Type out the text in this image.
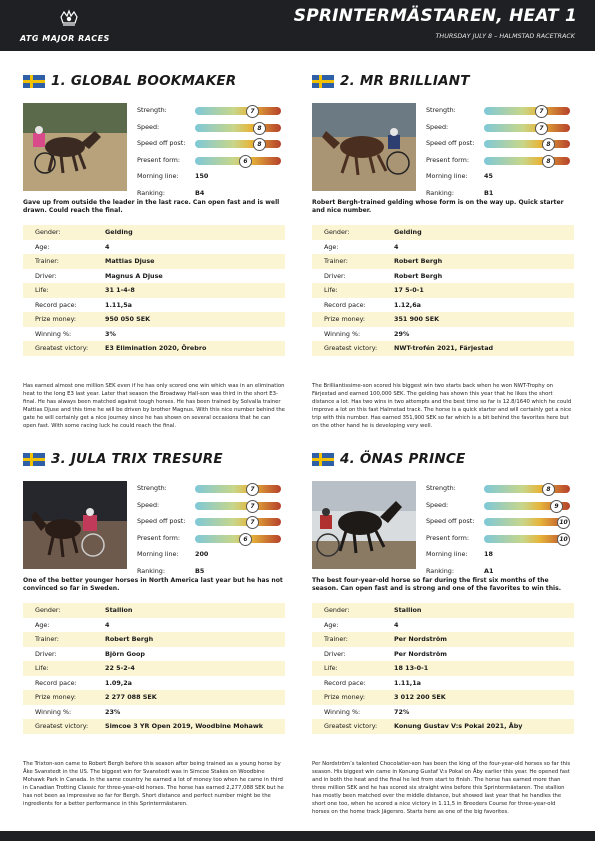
ATG MAJOR RACES
SPRINTERMÄSTAREN, HEAT 1
THURSDAY JULY 8 – HALMSTAD RACETRACK
1. GLOBAL BOOKMAKER
Strength:	7
Speed:	8
Speed off post:	8
Present form:	6
Morning line:	150
Ranking:	B4
Gave up from outside the leader in the last race. Can open fast and is well drawn. Could reach the final.
Gender:	Gelding
Age:	4
Trainer:	Mattias Djuse
Driver:	Magnus A Djuse
Life:	31 1-4-8
Record pace:	1.11,5a
Prize money:	950 050 SEK
Winning %:	3%
Greatest victory:	E3 Elimination 2020, Örebro
Has earned almost one million SEK even if he has only scored one win which was in an elimination heat to the long E3 last year. Later that season the Broadway Hall-son was third in the short E3-final. He has always been matched against tough horses. He has been trained by Solvalla trainer Mattias Djuse and this time he will be driven by brother Magnus. With this nice number behind the gate he will certainly get a nice journey since he has shown on several occasions that he can open fast. With some racing luck he could reach the final.
2. MR BRILLIANT
Strength:	7
Speed:	7
Speed off post:	8
Present form:	8
Morning line:	45
Ranking:	B1
Robert Bergh-trained gelding whose form is on the way up. Quick starter and nice number.
Gender:	Gelding
Age:	4
Trainer:	Robert Bergh
Driver:	Robert Bergh
Life:	17 5-0-1
Record pace:	1.12,6a
Prize money:	351 900 SEK
Winning %:	29%
Greatest victory:	NWT-trofén 2021, Färjestad
The Brilliantissime-son scored his biggest win two starts back when he won NWT-Trophy on Färjestad and earned 100,000 SEK. The gelding has shown this year that he likes the short distance a lot. Has two wins in two attempts and the best time so far is 12.8/1640 which he could improve a lot on this fast Halmstad track. The horse is a quick starter and will certainly get a nice trip with this number. Has earned 351,900 SEK so far which is a bit behind the favorites here but on the other hand he is developing very well.
3. JULA TRIX TRESURE
Strength:	7
Speed:	7
Speed off post:	7
Present form:	6
Morning line:	200
Ranking:	B5
One of the better younger horses in North America last year but he has not convinced so far in Sweden.
Gender:	Stallion
Age:	4
Trainer:	Robert Bergh
Driver:	Björn Goop
Life:	22 5-2-4
Record pace:	1.09,2a
Prize money:	2 277 088 SEK
Winning %:	23%
Greatest victory:	Simcoe 3 YR Open 2019, Woodbine Mohawk
The Trixton-son came to Robert Bergh before this season after being trained as a young horse by Åke Svanstedt in the US. The biggest win for Svanstedt was in Simcoe Stakes on Woodbine Mohawk Park in Canada. In the same country he earned a lot of money too when he came in third in Canadian Trotting Classic for three-year-old horses. The horse has earned 2,277,088 SEK but he has not been as impressive so far for Bergh. Short distance and perfect number might be the ingredients for a better performance in this Sprintermästaren.
4. ÖNAS PRINCE
Strength:	8
Speed:	9
Speed off post:	10
Present form:	10
Morning line:	18
Ranking:	A1
The best four-year-old horse so far during the first six months of the season. Can open fast and is strong and one of the favorites to win this.
Gender:	Stallion
Age:	4
Trainer:	Per Nordström
Driver:	Per Nordström
Life:	18 13-0-1
Record pace:	1.11,1a
Prize money:	3 012 200 SEK
Winning %:	72%
Greatest victory:	Konung Gustav V:s Pokal 2021, Åby
Per Nordström’s talented Chocolatier-son has been the king of the four-year-old horses so far this season. His biggest win came in Konung Gustaf V:s Pokal on Åby earlier this year. He opened fast and in both the heat and the final he led from start to finish. The horse has earned more than three million SEK and he has scored six straight wins before this Sprintermästaren. The stallion has mostly been matched over the middle distance, but showed last year that he handles the short one too, when he scored a nice victory in 1.11,5 in Breeders Course for three-year-old horses on the home track Jägersro. Starts here as one of the big favorites.
